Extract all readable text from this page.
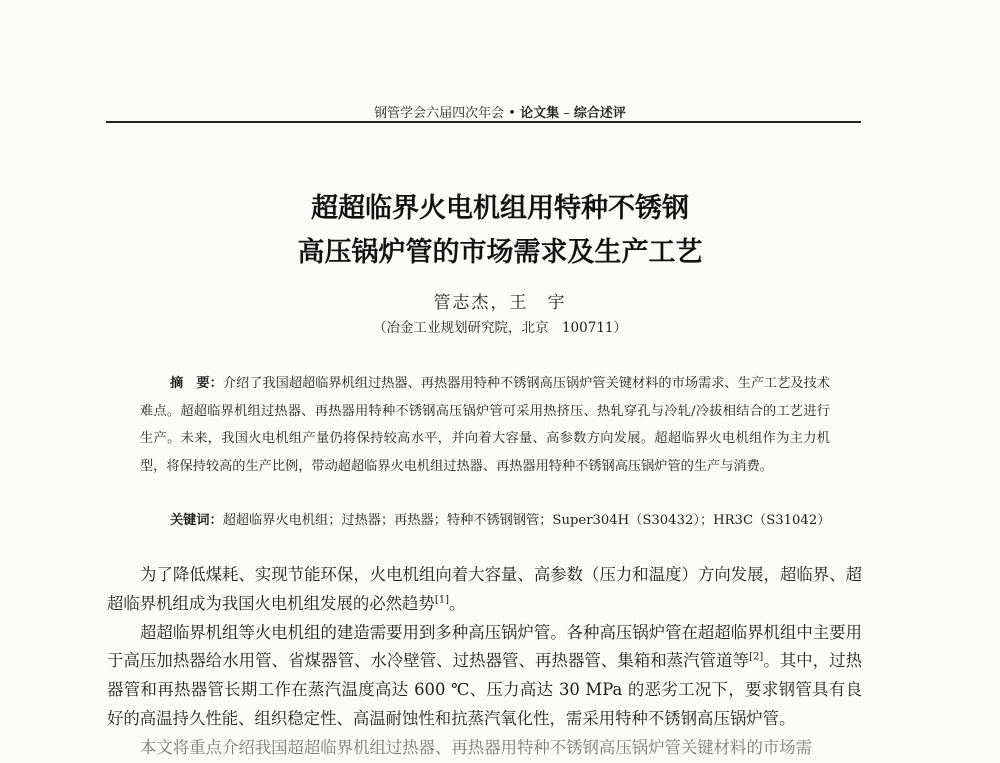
钢管学会六届四次年会 • 论文集 – 综合述评
超超临界火电机组用特种不锈钢
高压锅炉管的市场需求及生产工艺
管志杰，王　宇
（冶金工业规划研究院，北京　100711）
摘　要：介绍了我国超超临界机组过热器、再热器用特种不锈钢高压锅炉管关键材料的市场需求、生产工艺及技术难点。超超临界机组过热器、再热器用特种不锈钢高压锅炉管可采用热挤压、热轧穿孔与冷轧/冷拔相结合的工艺进行生产。未来，我国火电机组产量仍将保持较高水平，并向着大容量、高参数方向发展。超超临界火电机组作为主力机型，将保持较高的生产比例，带动超超临界火电机组过热器、再热器用特种不锈钢高压锅炉管的生产与消费。
关键词：超超临界火电机组；过热器；再热器；特种不锈钢钢管；Super304H（S30432）；HR3C（S31042）

为了降低煤耗、实现节能环保，火电机组向着大容量、高参数（压力和温度）方向发展，超临界、超超临界机组成为我国火电机组发展的必然趋势[1]。

超超临界机组等火电机组的建造需要用到多种高压锅炉管。各种高压锅炉管在超超临界机组中主要用于高压加热器给水用管、省煤器管、水冷壁管、过热器管、再热器管、集箱和蒸汽管道等[2]。其中，过热器管和再热器管长期工作在蒸汽温度高达 600 ℃、压力高达 30 MPa 的恶劣工况下，要求钢管具有良好的高温持久性能、组织稳定性、高温耐蚀性和抗蒸汽氧化性，需采用特种不锈钢高压锅炉管。

本文将重点介绍我国超超临界机组过热器、再热器用特种不锈钢高压锅炉管关键材料的市场需
